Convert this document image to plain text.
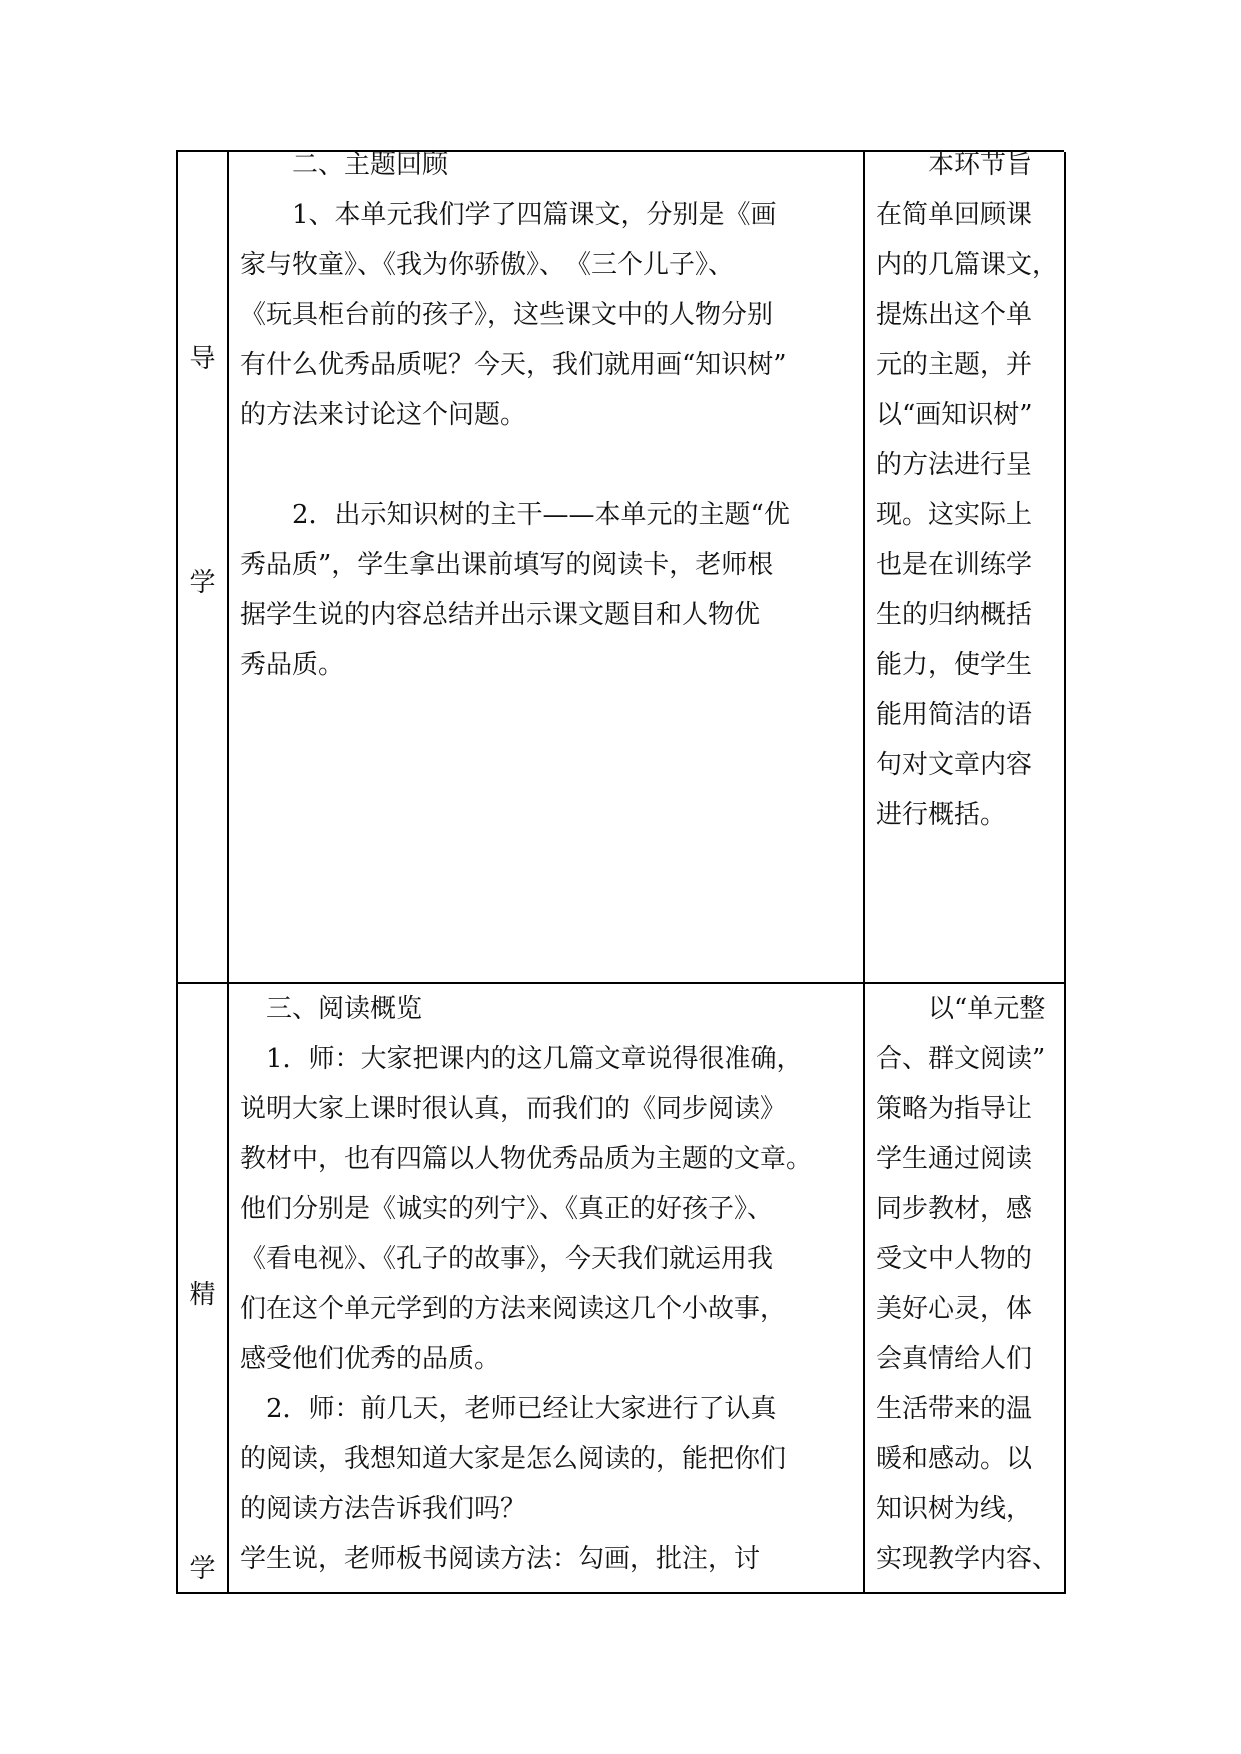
导
学
　　二、主题回顾
　　1、本单元我们学了四篇课文，分别是《画
家与牧童》、《我为你骄傲》、　《三个儿子》、
《玩具柜台前的孩子》，这些课文中的人物分别
有什么优秀品质呢？今天，我们就用画“知识树”
的方法来讨论这个问题。
　　2．出示知识树的主干——本单元的主题“优
秀品质”，学生拿出课前填写的阅读卡，老师根
据学生说的内容总结并出示课文题目和人物优
秀品质。
　　本环节旨
在简单回顾课
内的几篇课文，
提炼出这个单
元的主题，并
以“画知识树”
的方法进行呈
现。这实际上
也是在训练学
生的归纳概括
能力，使学生
能用简洁的语
句对文章内容
进行概括。
精
学
　三、阅读概览
　1．师：大家把课内的这几篇文章说得很准确，
说明大家上课时很认真，而我们的《同步阅读》
教材中，也有四篇以人物优秀品质为主题的文章。
他们分别是《诚实的列宁》、《真正的好孩子》、
《看电视》、《孔子的故事》，今天我们就运用我
们在这个单元学到的方法来阅读这几个小故事，
感受他们优秀的品质。
　2．师：前几天，老师已经让大家进行了认真
的阅读，我想知道大家是怎么阅读的，能把你们
的阅读方法告诉我们吗？
学生说，老师板书阅读方法：勾画，批注，讨
　　以“单元整
合、群文阅读”
策略为指导让
学生通过阅读
同步教材，感
受文中人物的
美好心灵，体
会真情给人们
生活带来的温
暖和感动。以
知识树为线，
实现教学内容、
